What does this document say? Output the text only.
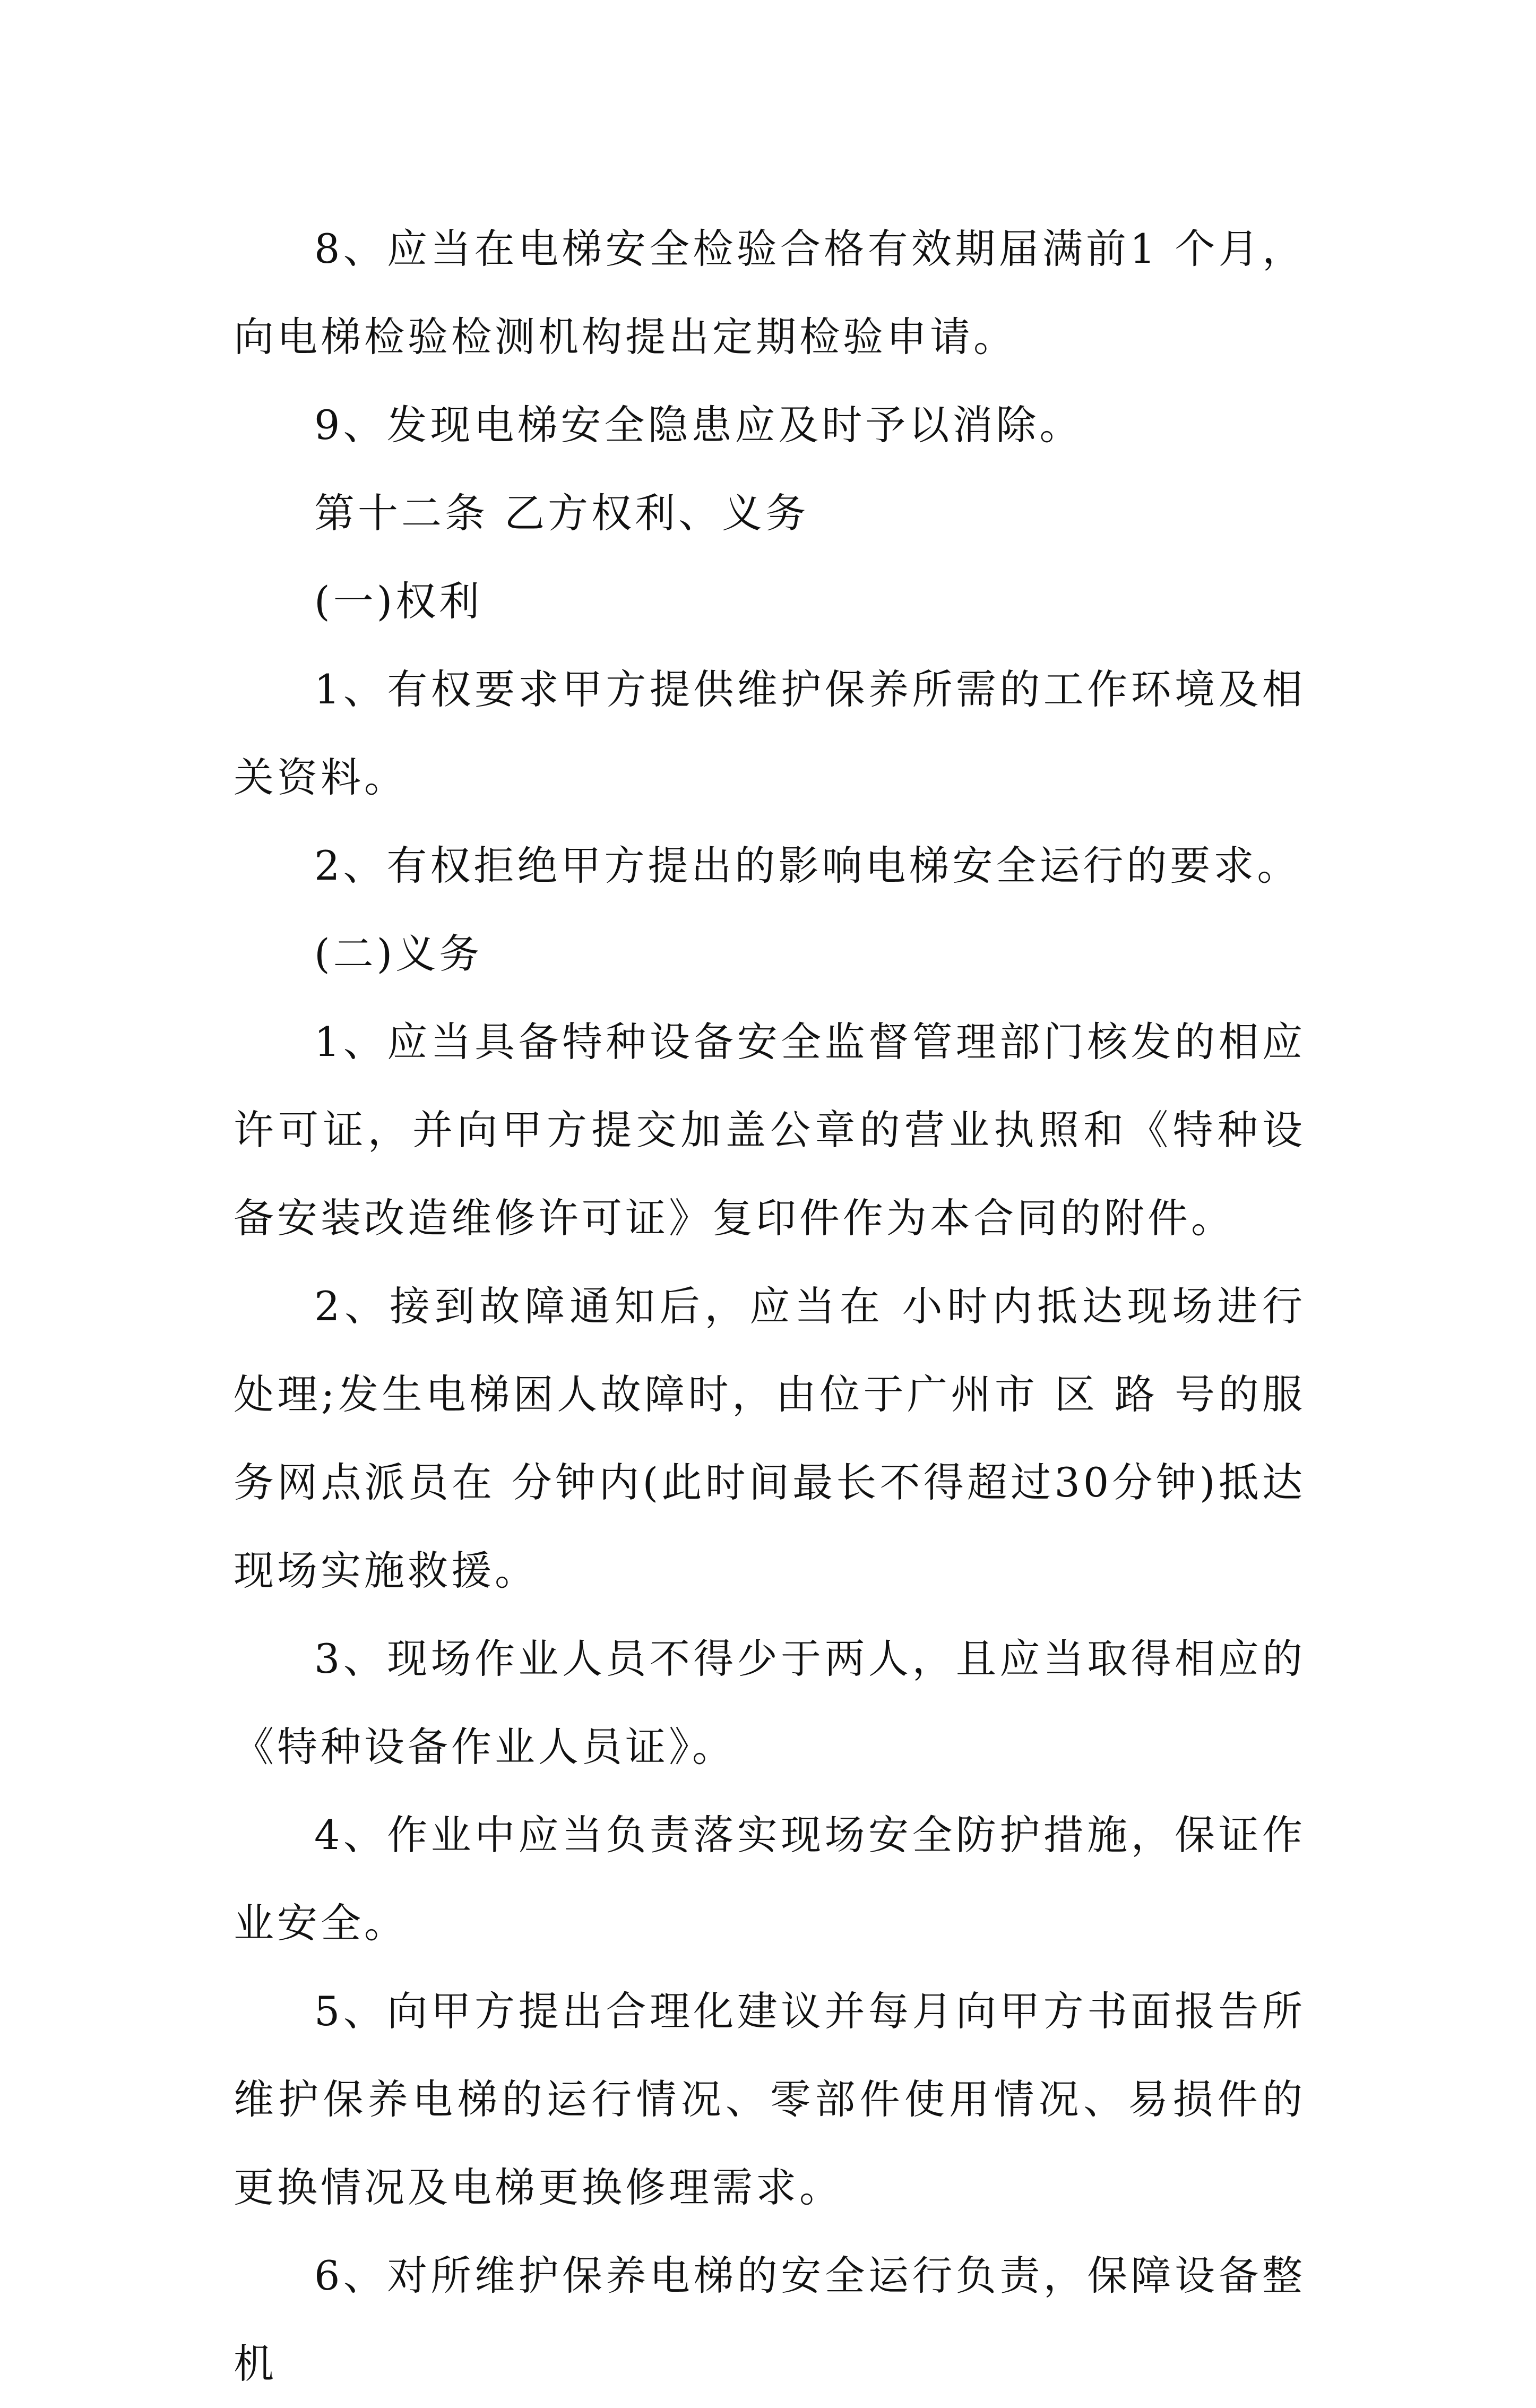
8、应当在电梯安全检验合格有效期届满前1 个月，向电梯检验检测机构提出定期检验申请。

9、发现电梯安全隐患应及时予以消除。

第十二条 乙方权利、义务

(一)权利

1、有权要求甲方提供维护保养所需的工作环境及相关资料。

2、有权拒绝甲方提出的影响电梯安全运行的要求。

(二)义务

1、应当具备特种设备安全监督管理部门核发的相应许可证，并向甲方提交加盖公章的营业执照和《特种设备安装改造维修许可证》复印件作为本合同的附件。

2、接到故障通知后，应当在 小时内抵达现场进行处理;发生电梯困人故障时，由位于广州市 区 路 号的服务网点派员在 分钟内(此时间最长不得超过30分钟)抵达现场实施救援。

3、现场作业人员不得少于两人，且应当取得相应的《特种设备作业人员证》。

4、作业中应当负责落实现场安全防护措施，保证作业安全。

5、向甲方提出合理化建议并每月向甲方书面报告所维护保养电梯的运行情况、零部件使用情况、易损件的更换情况及电梯更换修理需求。

6、对所维护保养电梯的安全运行负责，保障设备整机
